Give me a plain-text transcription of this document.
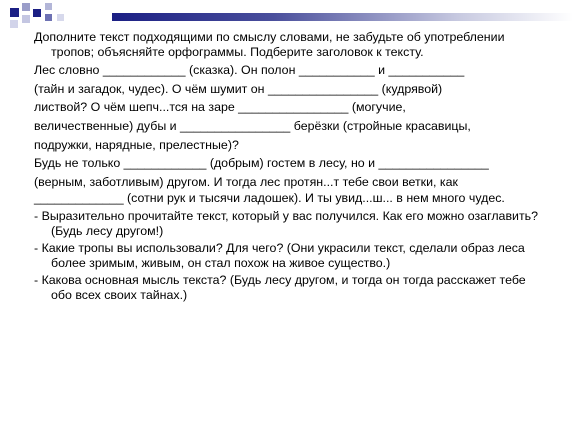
Дополните текст подходящими по смыслу словами, не забудьте об употреблении тропов; объясняйте орфограммы. Подберите заголовок к тексту.

Лес словно ____________ (сказка). Он полон ___________ и ___________

(тайн и загадок, чудес). О чём шумит он ________________ (кудрявой)

листвой? О чём шепч...тся на заре ________________ (могучие,

величественные) дубы и ________________ берёзки (стройные красавицы,

подружки, нарядные, прелестные)?

Будь не только ____________ (добрым) гостем в лесу, но и ________________

(верным, заботливым) другом. И тогда лес протян...т тебе свои ветки, как _____________ (сотни рук и тысячи ладошек). И ты увид...ш... в нем много чудес.

- Выразительно прочитайте текст, который у вас получился. Как его можно озаглавить? (Будь лесу другом!)

- Какие тропы вы использовали? Для чего? (Они украсили текст, сделали образ леса более зримым, живым, он стал похож на живое существо.)

- Какова основная мысль текста? (Будь лесу другом, и тогда он тогда расскажет тебе обо всех своих тайнах.)
